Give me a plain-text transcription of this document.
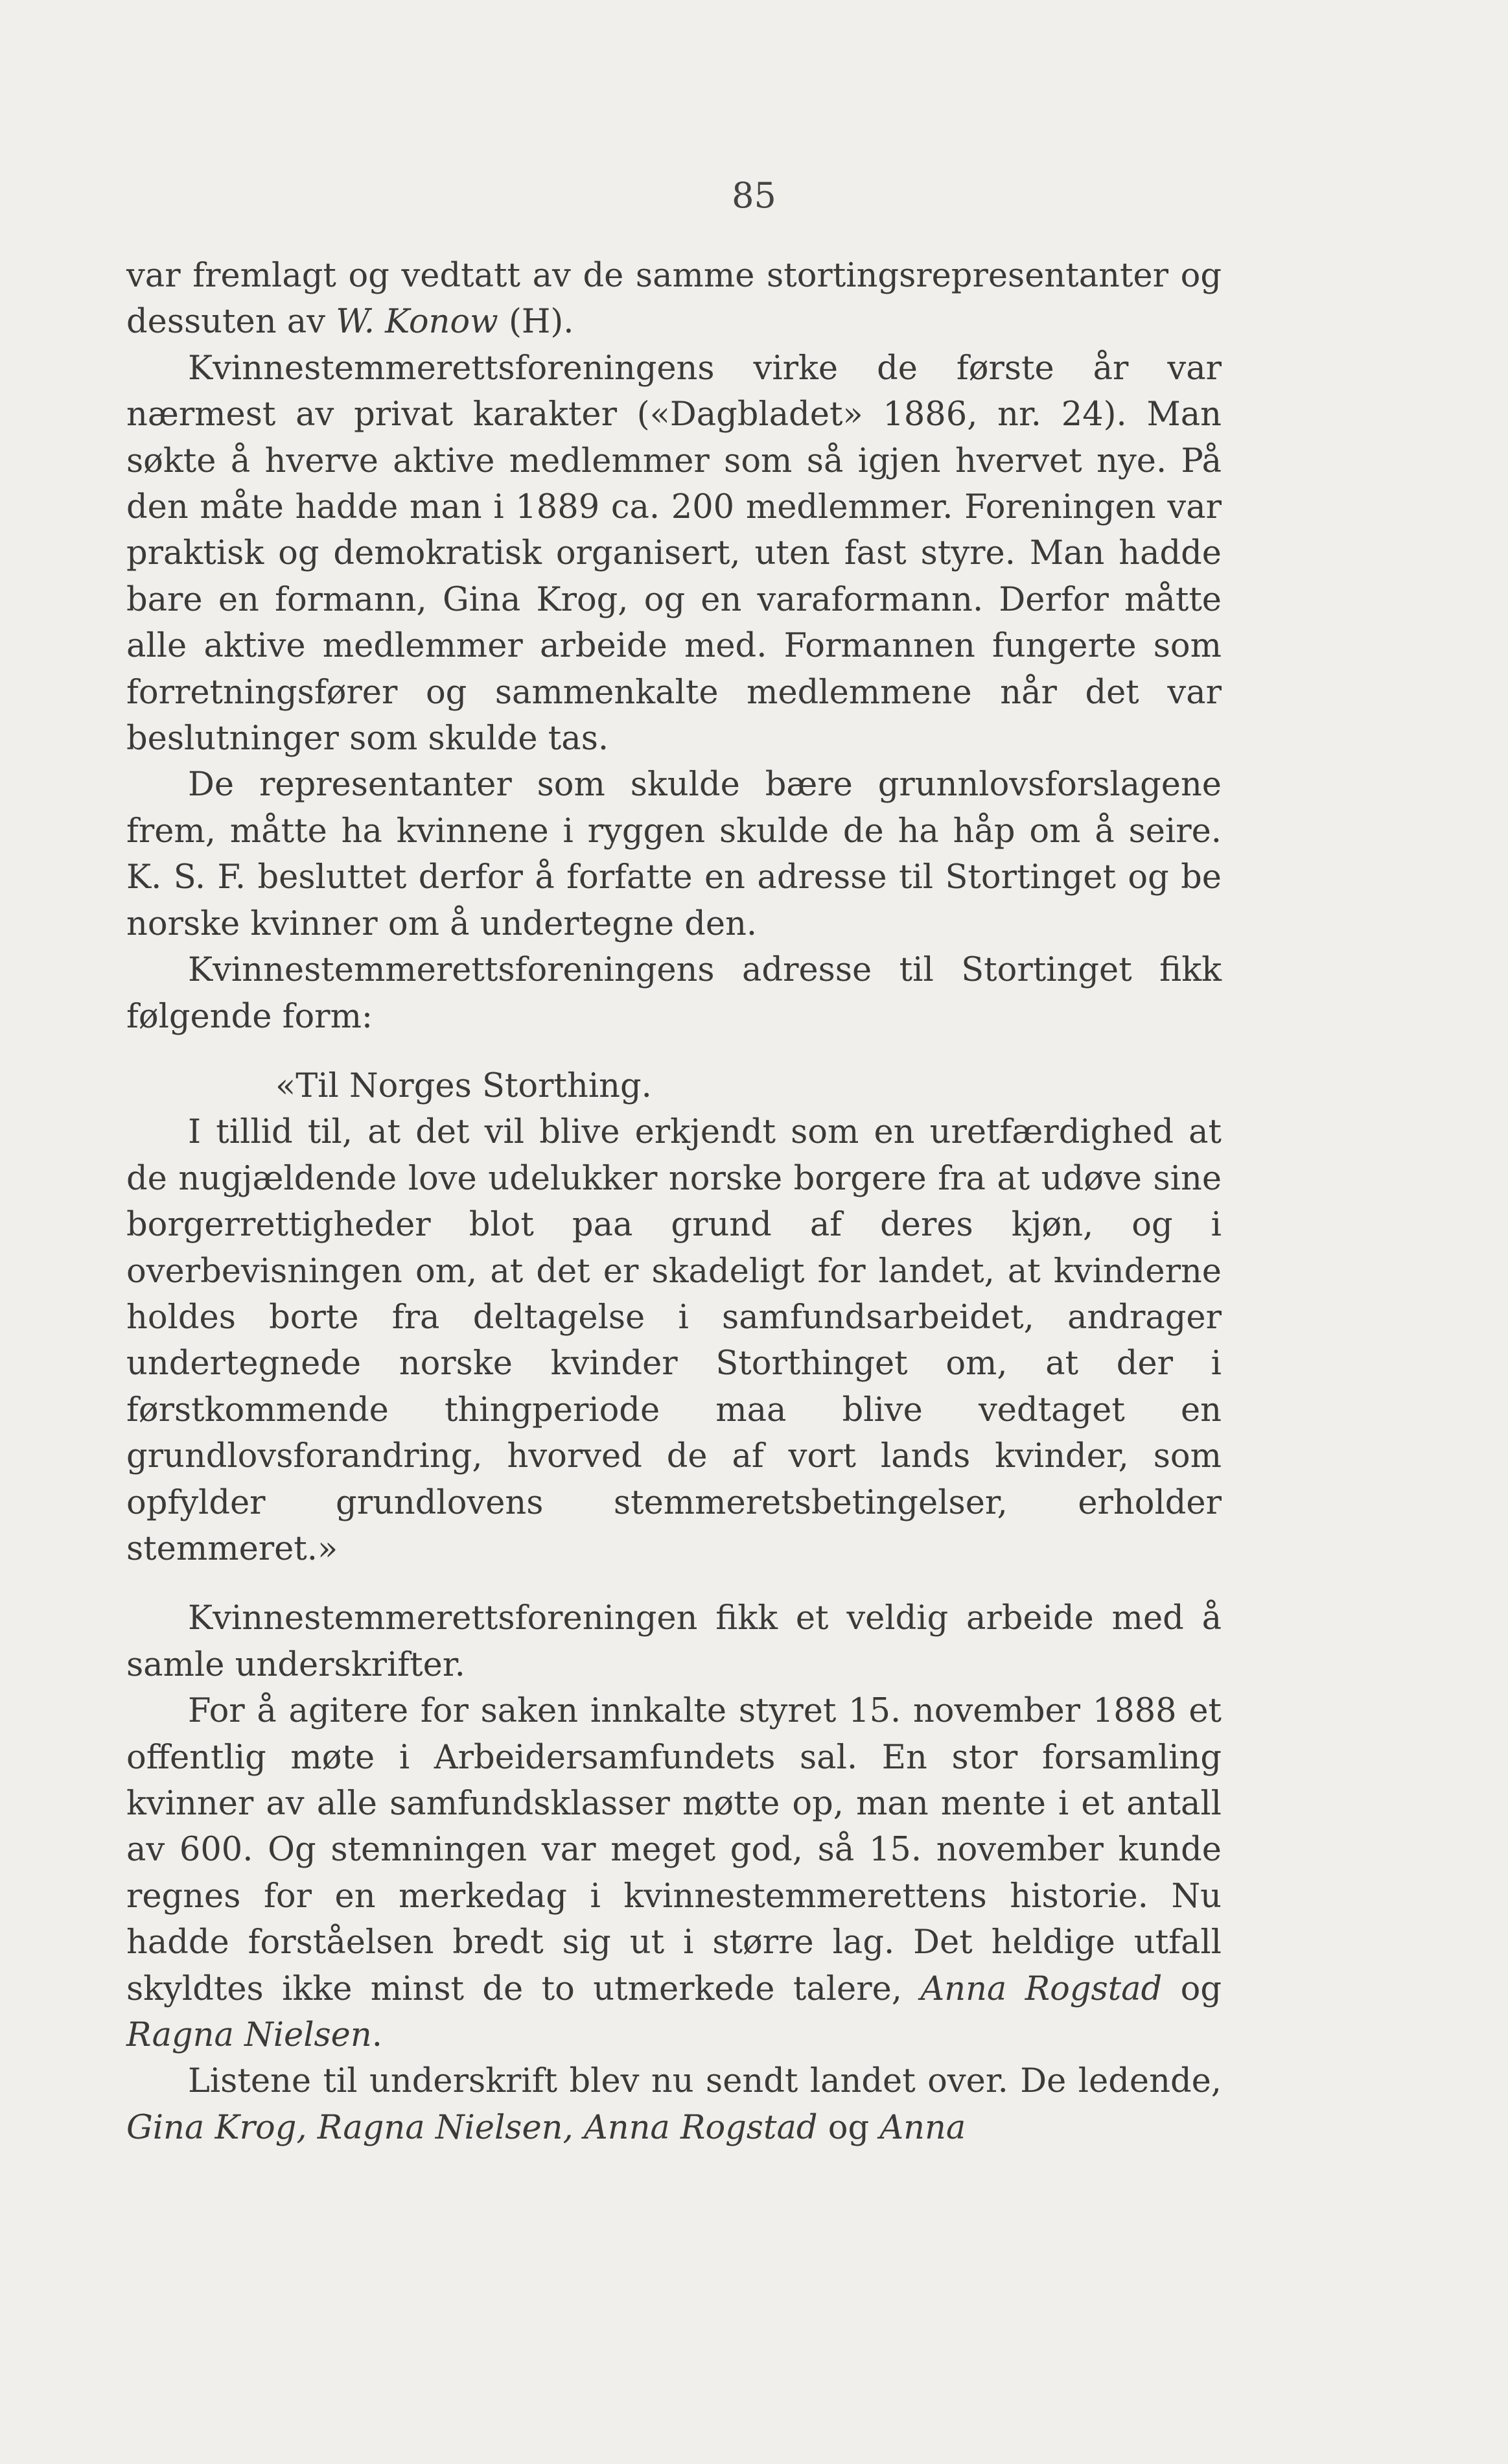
85

var fremlagt og vedtatt av de samme stortingsrepresentanter og dessuten av W. Konow (H).

Kvinnestemmerettsforeningens virke de første år var nærmest av privat karakter («Dagbladet» 1886, nr. 24). Man søkte å hverve aktive medlemmer som så igjen hvervet nye. På den måte hadde man i 1889 ca. 200 medlemmer. Foreningen var praktisk og demokratisk organisert, uten fast styre. Man hadde bare en formann, Gina Krog, og en varaformann. Derfor måtte alle aktive medlemmer arbeide med. Formannen fungerte som forretningsfører og sammenkalte medlemmene når det var beslutninger som skulde tas.

De representanter som skulde bære grunnlovsforslagene frem, måtte ha kvinnene i ryggen skulde de ha håp om å seire. K. S. F. besluttet derfor å forfatte en adresse til Stortinget og be norske kvinner om å undertegne den.

Kvinnestemmerettsforeningens adresse til Stortinget fikk følgende form:

«Til Norges Storthing.

I tillid til, at det vil blive erkjendt som en uretfærdighed at de nugjældende love udelukker norske borgere fra at udøve sine borgerrettigheder blot paa grund af deres kjøn, og i overbevisningen om, at det er skadeligt for landet, at kvinderne holdes borte fra deltagelse i samfundsarbeidet, andrager undertegnede norske kvinder Storthinget om, at der i førstkommende thingperiode maa blive vedtaget en grundlovsforandring, hvorved de af vort lands kvinder, som opfylder grundlovens stemmeretsbetingelser, erholder stemmeret.»

Kvinnestemmerettsforeningen fikk et veldig arbeide med å samle underskrifter.

For å agitere for saken innkalte styret 15. november 1888 et offentlig møte i Arbeidersamfundets sal. En stor forsamling kvinner av alle samfundsklasser møtte op, man mente i et antall av 600. Og stemningen var meget god, så 15. november kunde regnes for en merkedag i kvinnestemmerettens historie. Nu hadde forståelsen bredt sig ut i større lag. Det heldige utfall skyldtes ikke minst de to utmerkede talere, Anna Rogstad og Ragna Nielsen.

Listene til underskrift blev nu sendt landet over. De ledende, Gina Krog, Ragna Nielsen, Anna Rogstad og Anna
